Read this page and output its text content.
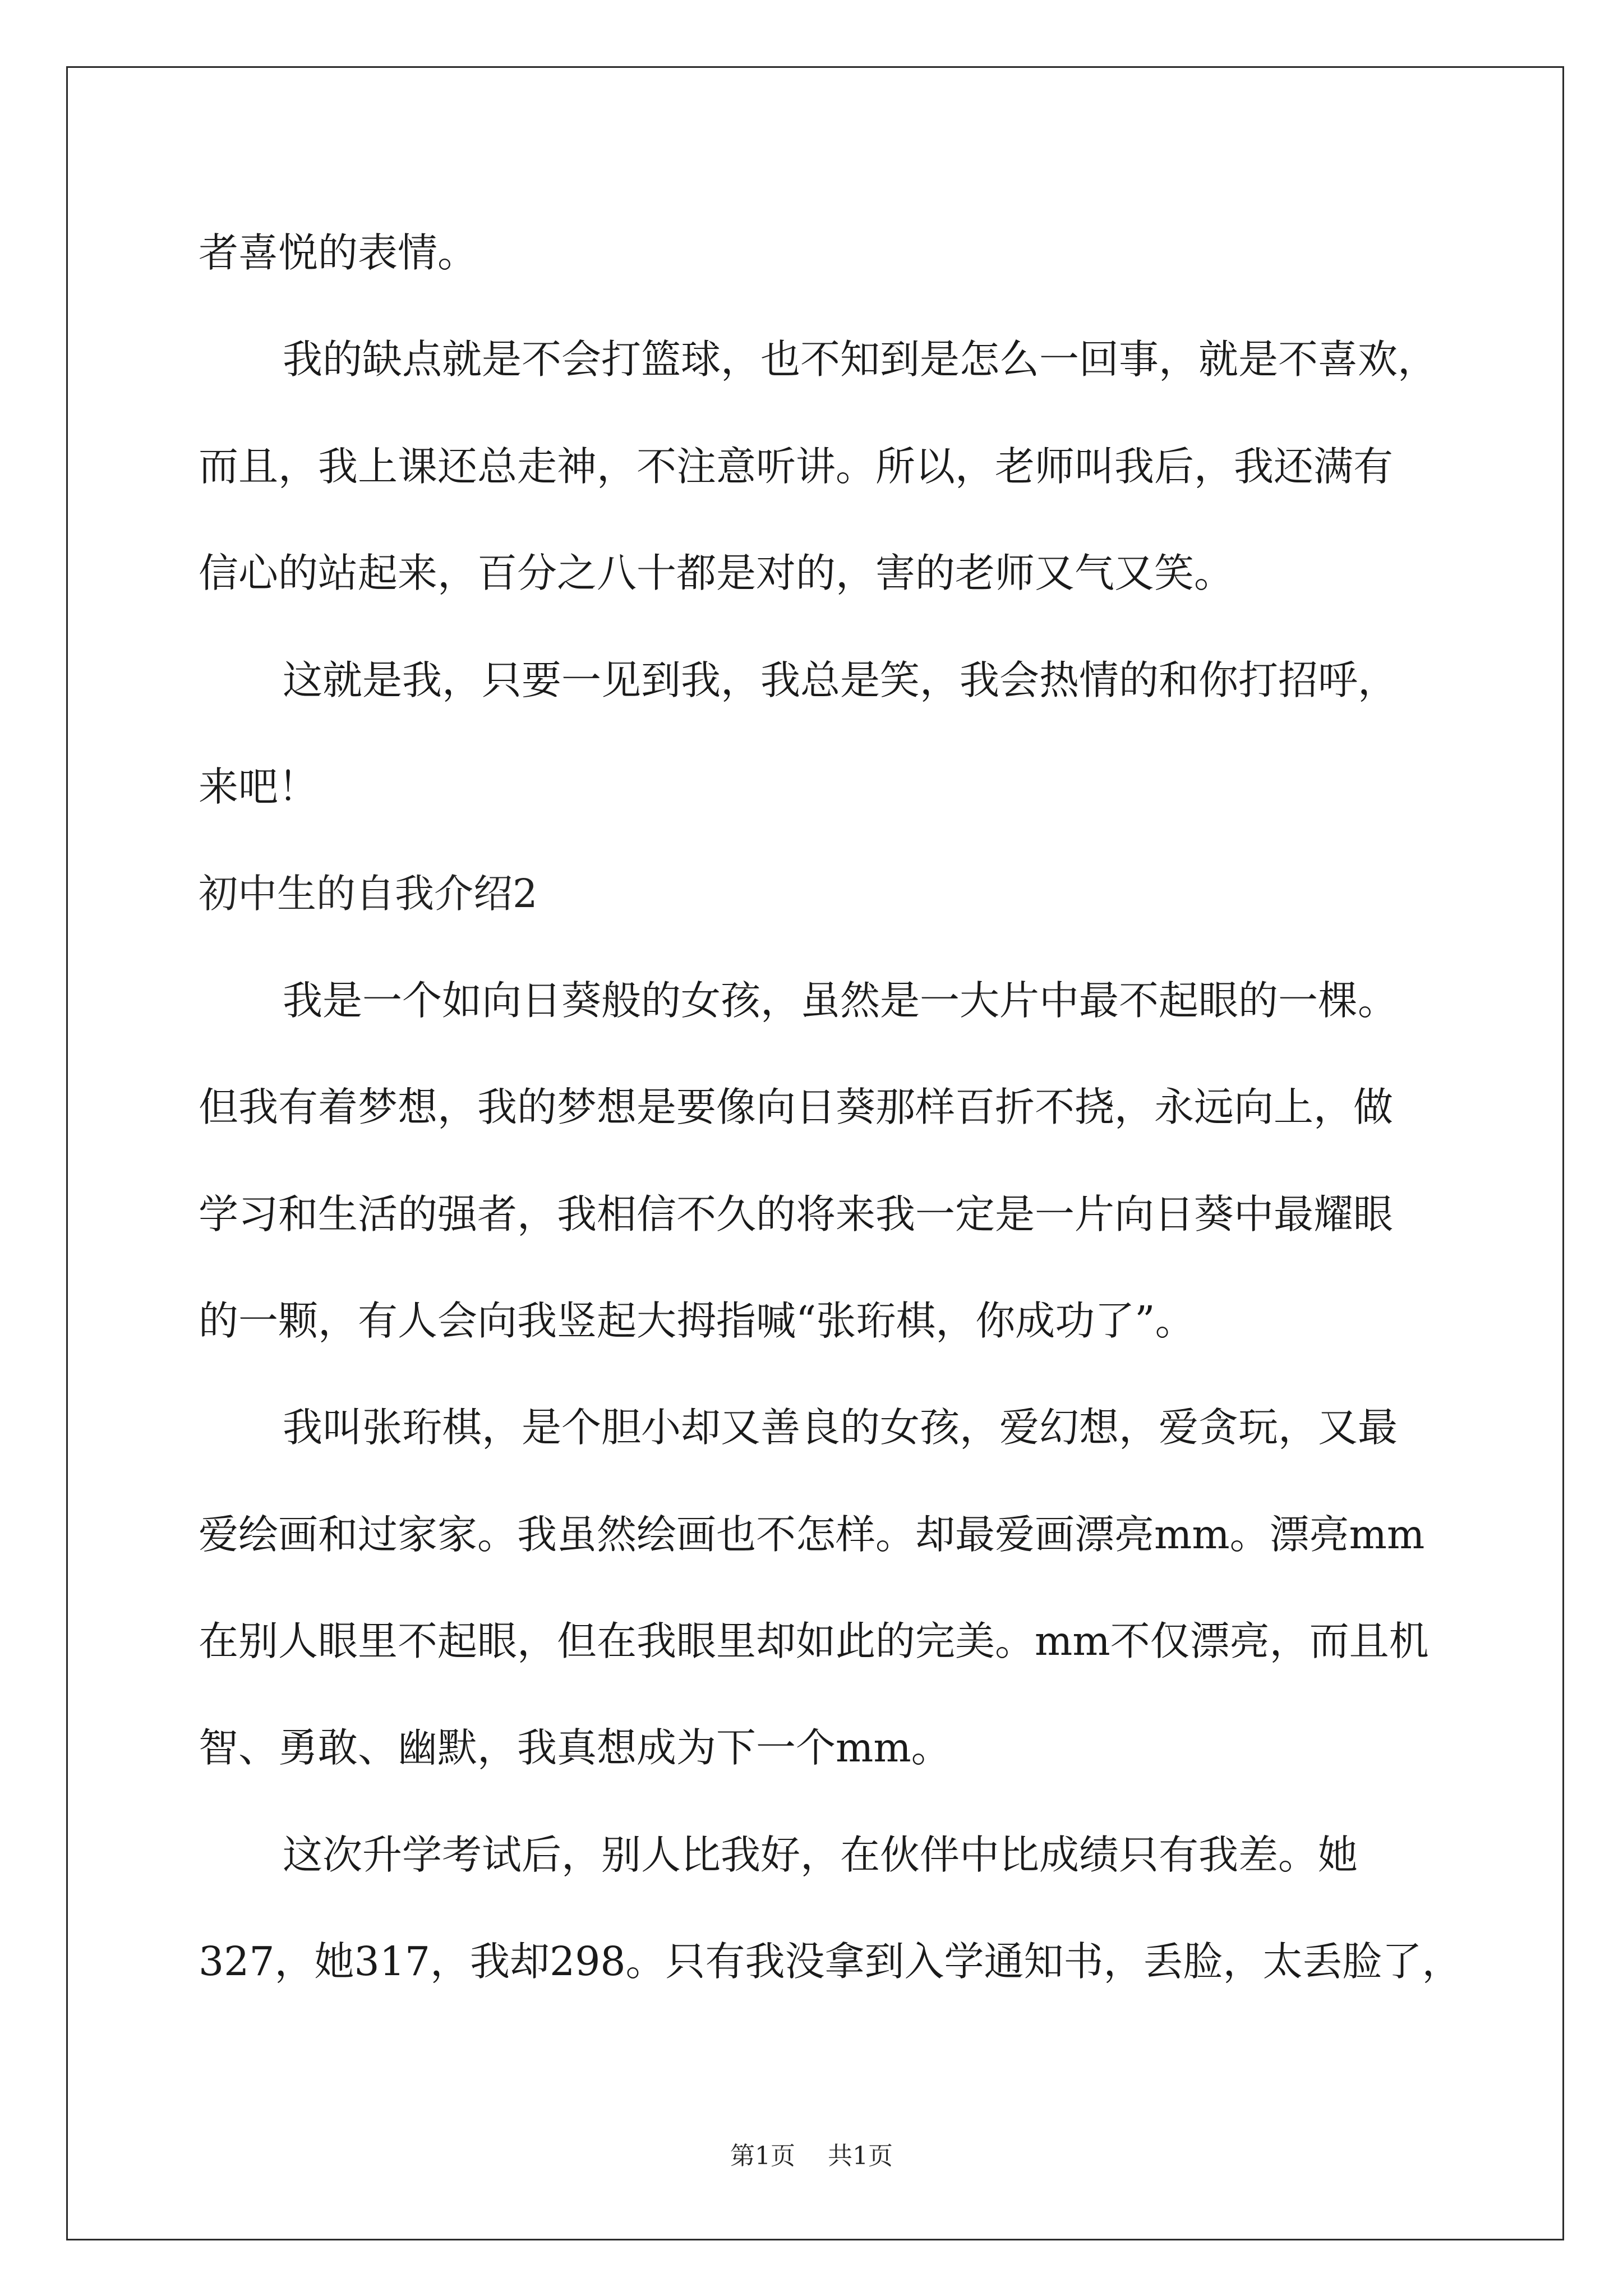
者喜悦的表情。
我的缺点就是不会打篮球，也不知到是怎么一回事，就是不喜欢，
而且，我上课还总走神，不注意听讲。所以，老师叫我后，我还满有
信心的站起来，百分之八十都是对的，害的老师又气又笑。
这就是我，只要一见到我，我总是笑，我会热情的和你打招呼，
来吧！
初中生的自我介绍2
我是一个如向日葵般的女孩，虽然是一大片中最不起眼的一棵。
但我有着梦想，我的梦想是要像向日葵那样百折不挠，永远向上，做
学习和生活的强者，我相信不久的将来我一定是一片向日葵中最耀眼
的一颗，有人会向我竖起大拇指喊“张珩棋，你成功了”。
我叫张珩棋，是个胆小却又善良的女孩，爱幻想，爱贪玩，又最
爱绘画和过家家。我虽然绘画也不怎样。却最爱画漂亮mm。漂亮mm
在别人眼里不起眼，但在我眼里却如此的完美。mm不仅漂亮，而且机
智、勇敢、幽默，我真想成为下一个mm。
这次升学考试后，别人比我好，在伙伴中比成绩只有我差。她
327，她317，我却298。只有我没拿到入学通知书，丢脸，太丢脸了，
第1页 共1页
